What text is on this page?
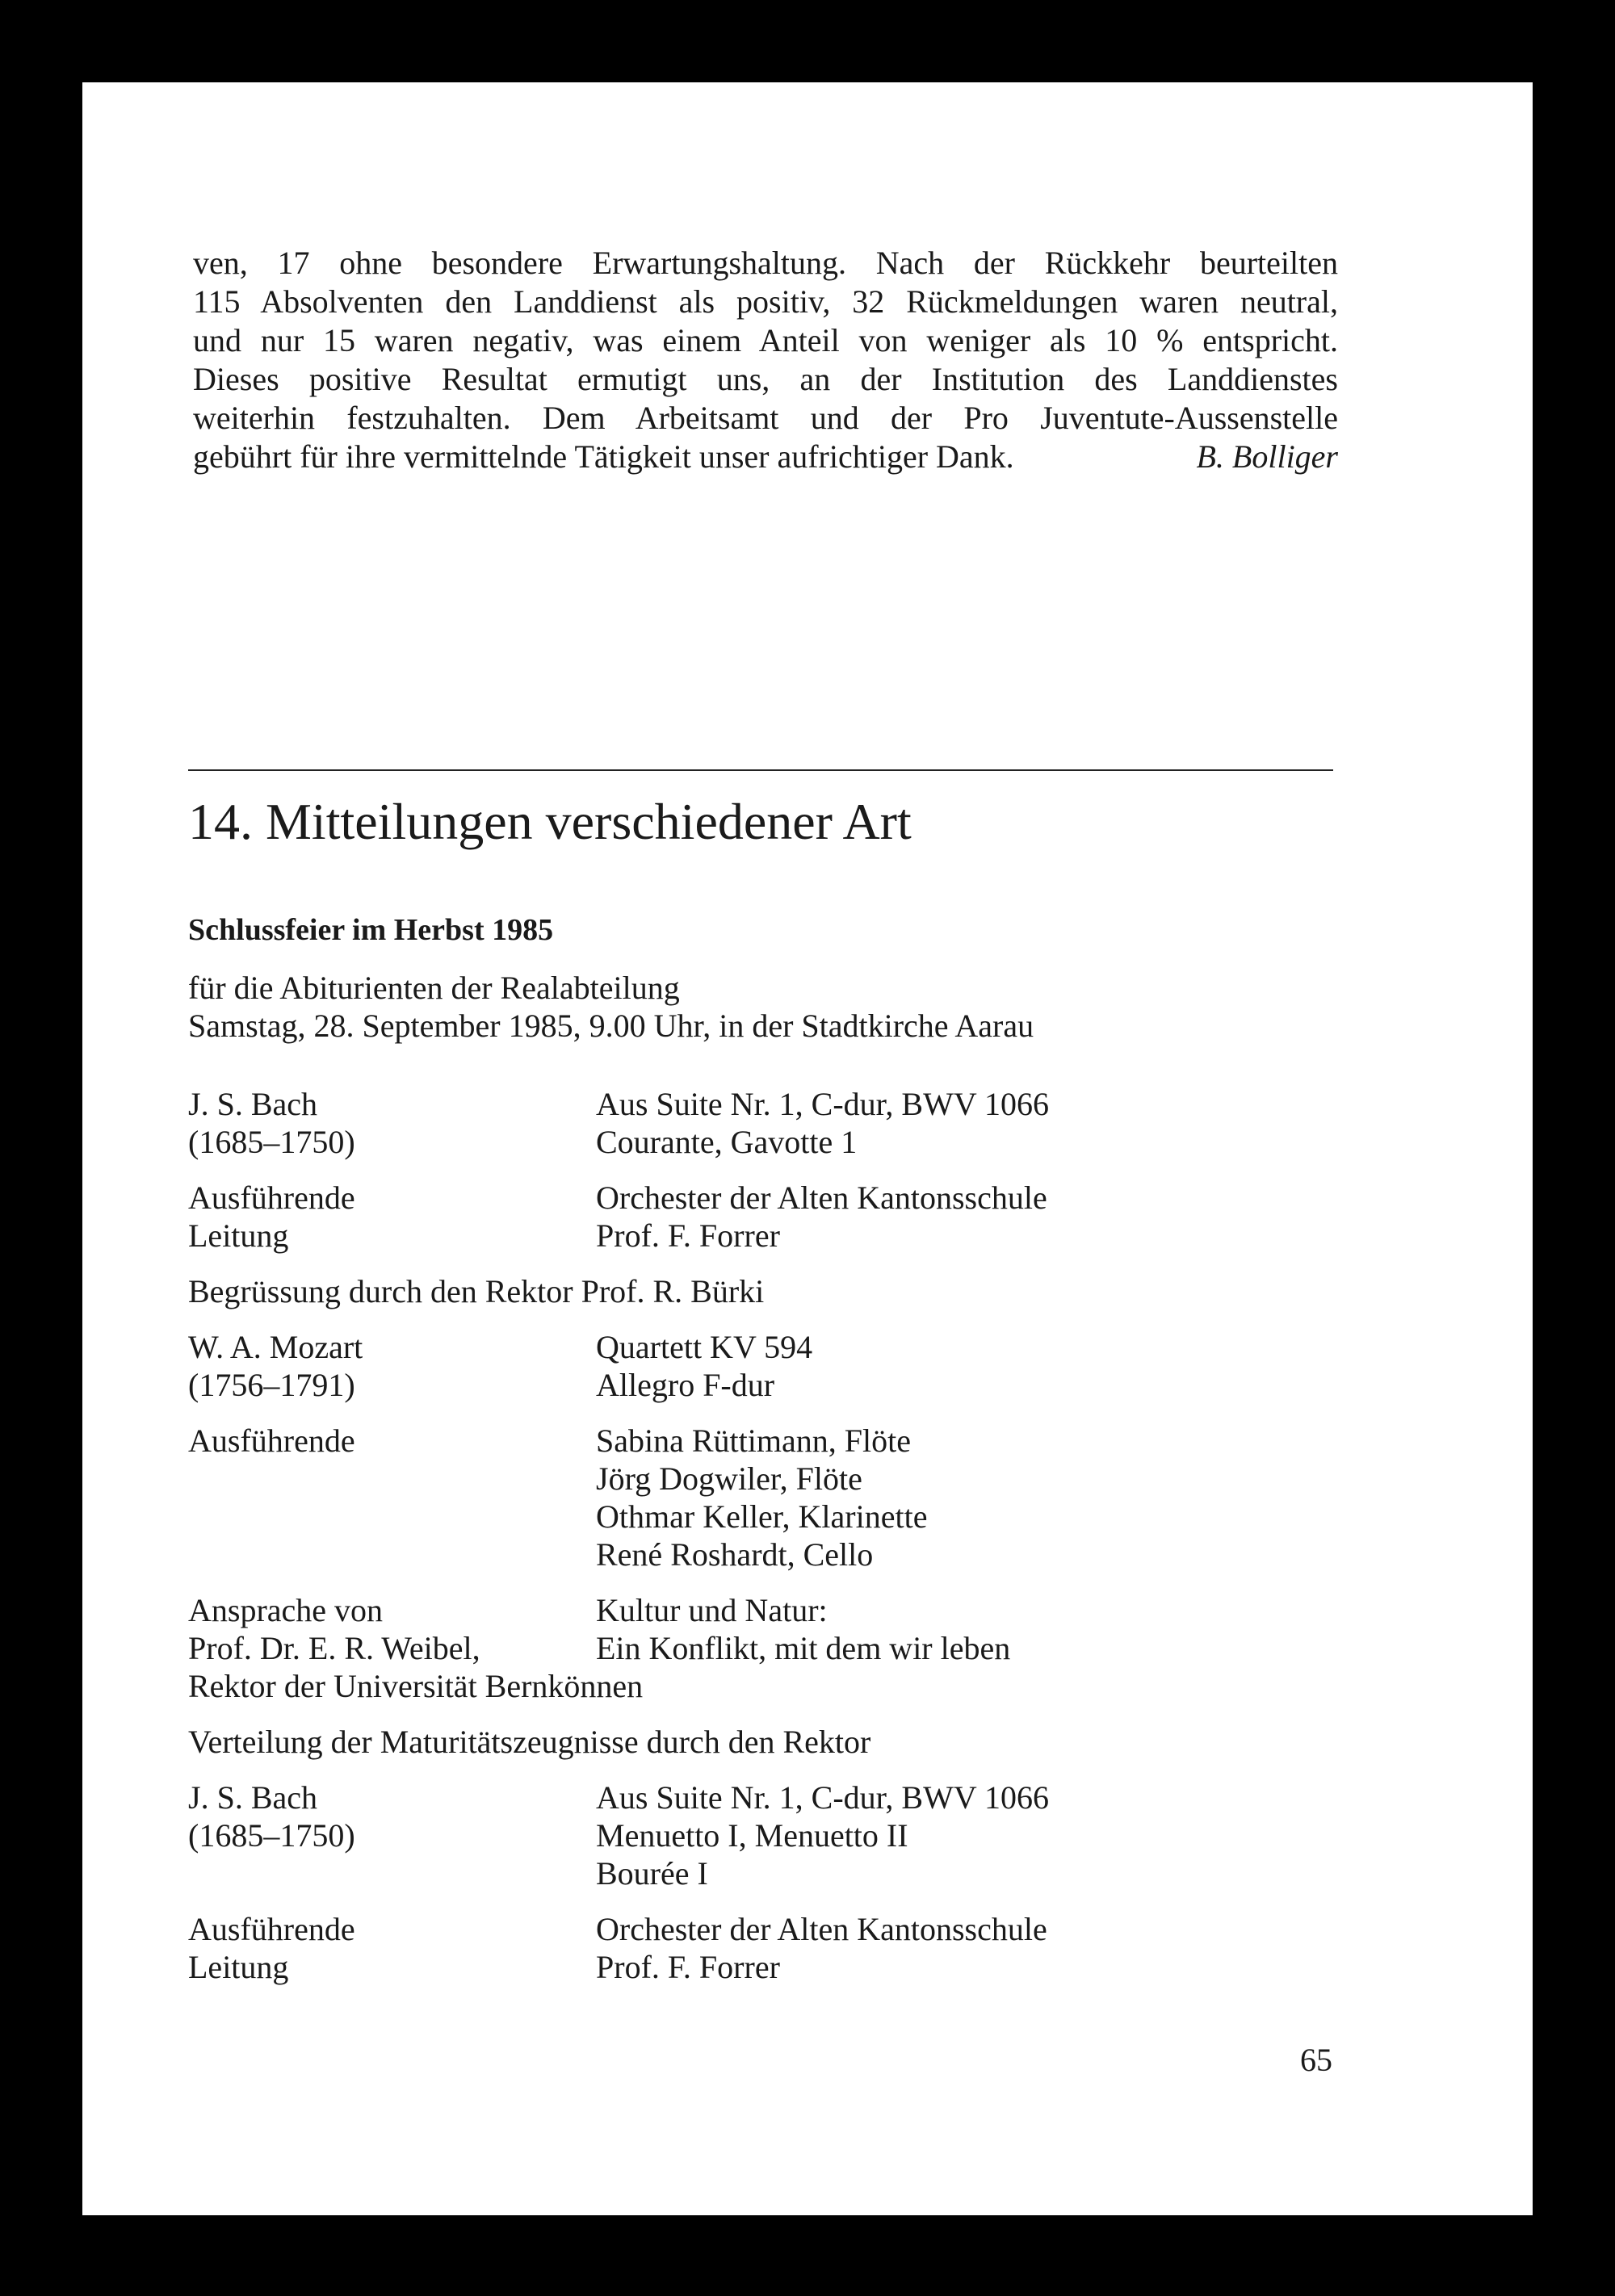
ven, 17 ohne besondere Erwartungshaltung. Nach der Rückkehr beurteilten

115 Absolventen den Landdienst als positiv, 32 Rückmeldungen waren neutral,

und nur 15 waren negativ, was einem Anteil von weniger als 10 % entspricht.

Dieses positive Resultat ermutigt uns, an der Institution des Landdienstes

weiterhin festzuhalten. Dem Arbeitsamt und der Pro Juventute-Aussenstelle

gebührt für ihre vermittelnde Tätigkeit unser aufrichtiger Dank.	B. Bolliger

14. Mitteilungen verschiedener Art
Schlussfeier im Herbst 1985

für die Abiturienten der Realabteilung

Samstag, 28. September 1985, 9.00 Uhr, in der Stadtkirche Aarau

J. S. Bach	Aus Suite Nr. 1, C-dur, BWV 1066
(1685–1750)	Courante, Gavotte 1
Ausführende	Orchester der Alten Kantonsschule
Leitung	Prof. F. Forrer

Begrüssung durch den Rektor Prof. R. Bürki

W. A. Mozart	Quartett KV 594
(1756–1791)	Allegro F-dur
Ausführende	Sabina Rüttimann, Flöte
Jörg Dogwiler, Flöte
Othmar Keller, Klarinette
René Roshardt, Cello
Ansprache von	Kultur und Natur:
Prof. Dr. E. R. Weibel,	Ein Konflikt, mit dem wir leben

Rektor der Universität Bernkönnen

Verteilung der Maturitätszeugnisse durch den Rektor

J. S. Bach	Aus Suite Nr. 1, C-dur, BWV 1066
(1685–1750)	Menuetto I, Menuetto II
Bourée I
Ausführende	Orchester der Alten Kantonsschule
Leitung	Prof. F. Forrer
65
